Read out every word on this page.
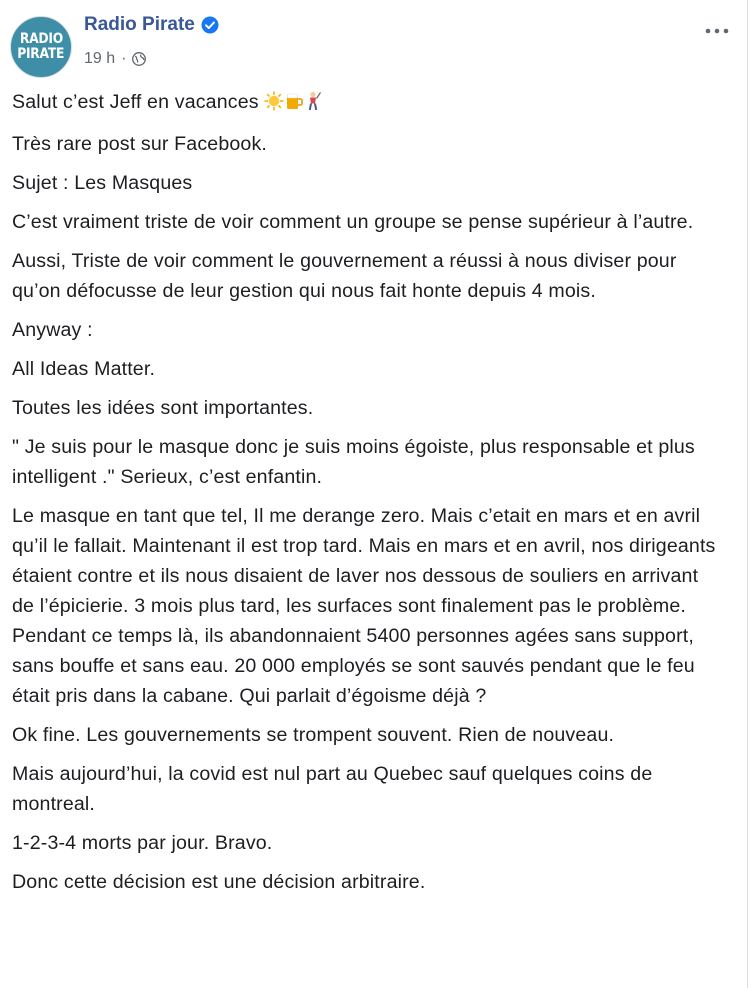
RADIO
PIRATE
Radio Pirate
19 h ·

Salut c’est Jeff en vacances

Très rare post sur Facebook.

Sujet : Les Masques

C’est vraiment triste de voir comment un groupe se pense supérieur à l’autre.

Aussi, Triste de voir comment le gouvernement a réussi à nous diviser pour qu’on défocusse de leur gestion qui nous fait honte depuis 4 mois.

Anyway :

All Ideas Matter.

Toutes les idées sont importantes.

" Je suis pour le masque donc je suis moins égoiste, plus responsable et plus intelligent ." Serieux, c’est enfantin.

Le masque en tant que tel, Il me derange zero. Mais c’etait en mars et en avril qu’il le fallait. Maintenant il est trop tard. Mais en mars et en avril, nos dirigeants étaient contre et ils nous disaient de laver nos dessous de souliers en arrivant de l’épicierie. 3 mois plus tard, les surfaces sont finalement pas le problème. Pendant ce temps là, ils abandonnaient 5400 personnes agées sans support, sans bouffe et sans eau. 20 000 employés se sont sauvés pendant que le feu était pris dans la cabane. Qui parlait d’égoisme déjà ?

Ok fine. Les gouvernements se trompent souvent. Rien de nouveau.

Mais aujourd’hui, la covid est nul part au Quebec sauf quelques coins de montreal.

1-2-3-4 morts par jour. Bravo.

Donc cette décision est une décision arbitraire.
